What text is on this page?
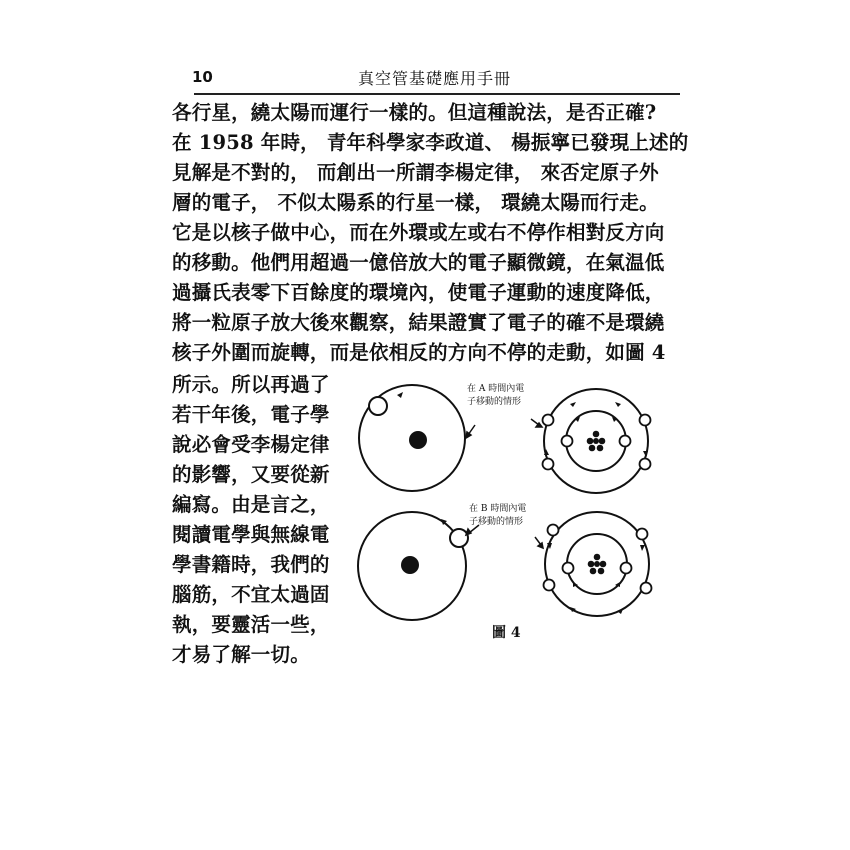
10	真空管基礎應用手冊
各行星，繞太陽而運行一樣的。但這種說法，是否正確?
在 1958 年時， 青年科學家李政道、 楊振寧已發現上述的
見解是不對的， 而創出一所謂李楊定律， 來否定原子外
層的電子， 不似太陽系的行星一樣， 環繞太陽而行走。
它是以核子做中心，而在外環或左或右不停作相對反方向
的移動。他們用超過一億倍放大的電子顯微鏡，在氣温低
過攝氏表零下百餘度的環境內，使電子運動的速度降低，
將一粒原子放大後來觀察，結果證實了電子的確不是環繞
核子外圍而旋轉，而是依相反的方向不停的走動，如圖 4
所示。所以再過了
若干年後，電子學
說必會受李楊定律
的影響，又要從新
編寫。由是言之，
閱讀電學與無線電
學書籍時，我們的
腦筋，不宜太過固
執，要靈活一些，
才易了解一切。
在 A 時間內電
子移動的情形
在 B 時間內電
子移動的情形
圖 4
